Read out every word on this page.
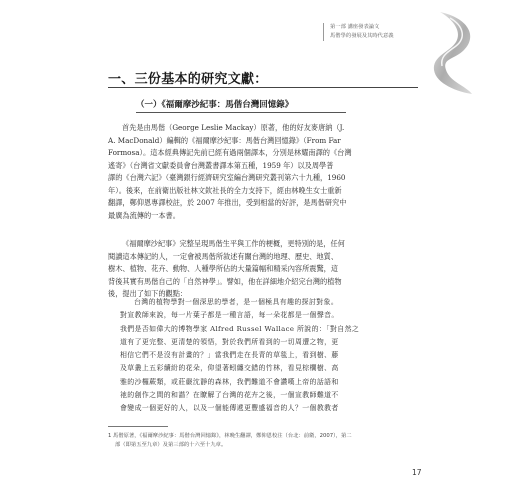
第一部 講座發表論文
馬偕學的發展及其時代意義
一、三份基本的研究文獻：
（一）《福爾摩沙紀事：馬偕台灣回憶錄》
首先是由馬偕（George Leslie Mackay）原著，他的好友麥唐納（J.
A. MacDonald）編輯的《福爾摩沙紀事：馬偕台灣回憶錄》（From Far
Formosa）。這本經典傳記先前已經有過兩個譯本，分別是林耀南譯的《台灣
遙寄》（台灣省文獻委員會台灣叢書譯本第五種，1959 年）以及周學普
譯的《台灣六記》（臺灣銀行經濟研究室編台灣研究叢刊第六十九種，1960
年）。後來，在前衛出版社林文欽社長的全力支持下，經由林晚生女士重新
翻譯，鄭仰恩專譯校註，於 2007 年推出，受到相當的好評，是馬偕研究中
最廣為流傳的一本書。
《福爾摩沙紀事》完整呈現馬偕生平與工作的梗概，更特別的是，任何
閱讀這本傳記的人，一定會被馬偕所敘述有關台灣的地理、歷史、地質、
樹木、植物、花卉、動物、人種學所佔的大量篇幅和精采內容所震驚，這
背後其實有馬偕自己的「自然神學」。譬如，他在詳細地介紹完台灣的植物
後，提出了如下的觀點：
台灣的植物學對一個深思的學者，是一個極具有趣的探討對象。
對宣教師來說，每一片葉子都是一種言語，每一朵花都是一個聲音。
我們是否如偉大的博物學家 Alfred Russel Wallace 所說的：「對自然之
道有了更完整、更清楚的領悟，對於我們所看到的一切周遭之物，更
相信它們不是沒有計畫的？」當我們走在長青的草毯上，看到樹、藤
及草叢上五彩續紛的花朵，仰望著蚓纏交錯的竹林，看見棕櫚樹、高
雅的沙欏蕨類，或莊嚴沈靜的森林，我們難道不會讚嘆上帝的話語和
祂的創作之間的和諧？在瞭解了台灣的花卉之後，一個宣教師難道不
會變成一個更好的人，以及一個能傳遞更豐盛福音的人？一個教教者
1 馬偕原著，《福爾摩沙紀事：馬偕台灣回憶錄》，林晚生翻譯，鄭仰恩校注（台北：前衛，2007），第二
部（即第五至九章）及第三部的十六至十九章。
17
